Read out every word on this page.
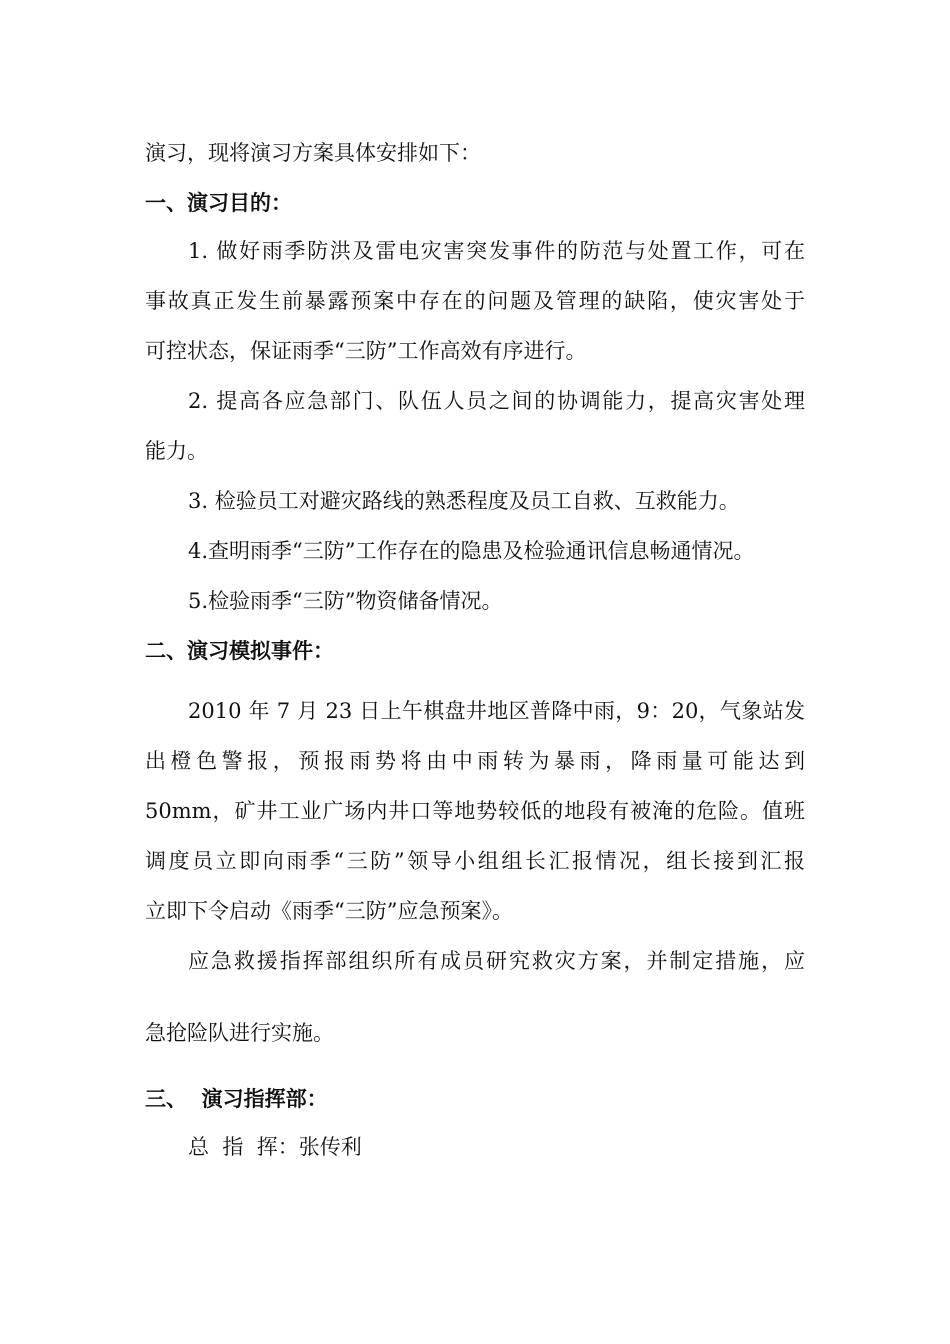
演习，现将演习方案具体安排如下：
一、演习目的：
1. 做好雨季防洪及雷电灾害突发事件的防范与处置工作，可在
事故真正发生前暴露预案中存在的问题及管理的缺陷，使灾害处于
可控状态，保证雨季“三防”工作高效有序进行。
2. 提高各应急部门、队伍人员之间的协调能力，提高灾害处理
能力。
3. 检验员工对避灾路线的熟悉程度及员工自救、互救能力。
4.查明雨季“三防”工作存在的隐患及检验通讯信息畅通情况。
5.检验雨季“三防”物资储备情况。
二、演习模拟事件：
2010 年 7 月 23 日上午棋盘井地区普降中雨，9：20，气象站发
出橙色警报，预报雨势将由中雨转为暴雨，降雨量可能达到
50mm，矿井工业广场内井口等地势较低的地段有被淹的危险。值班
调度员立即向雨季“三防”领导小组组长汇报情况，组长接到汇报
立即下令启动《雨季“三防”应急预案》。
应急救援指挥部组织所有成员研究救灾方案，并制定措施，应
急抢险队进行实施。
三、  演习指挥部：
总  指  挥：张传利
